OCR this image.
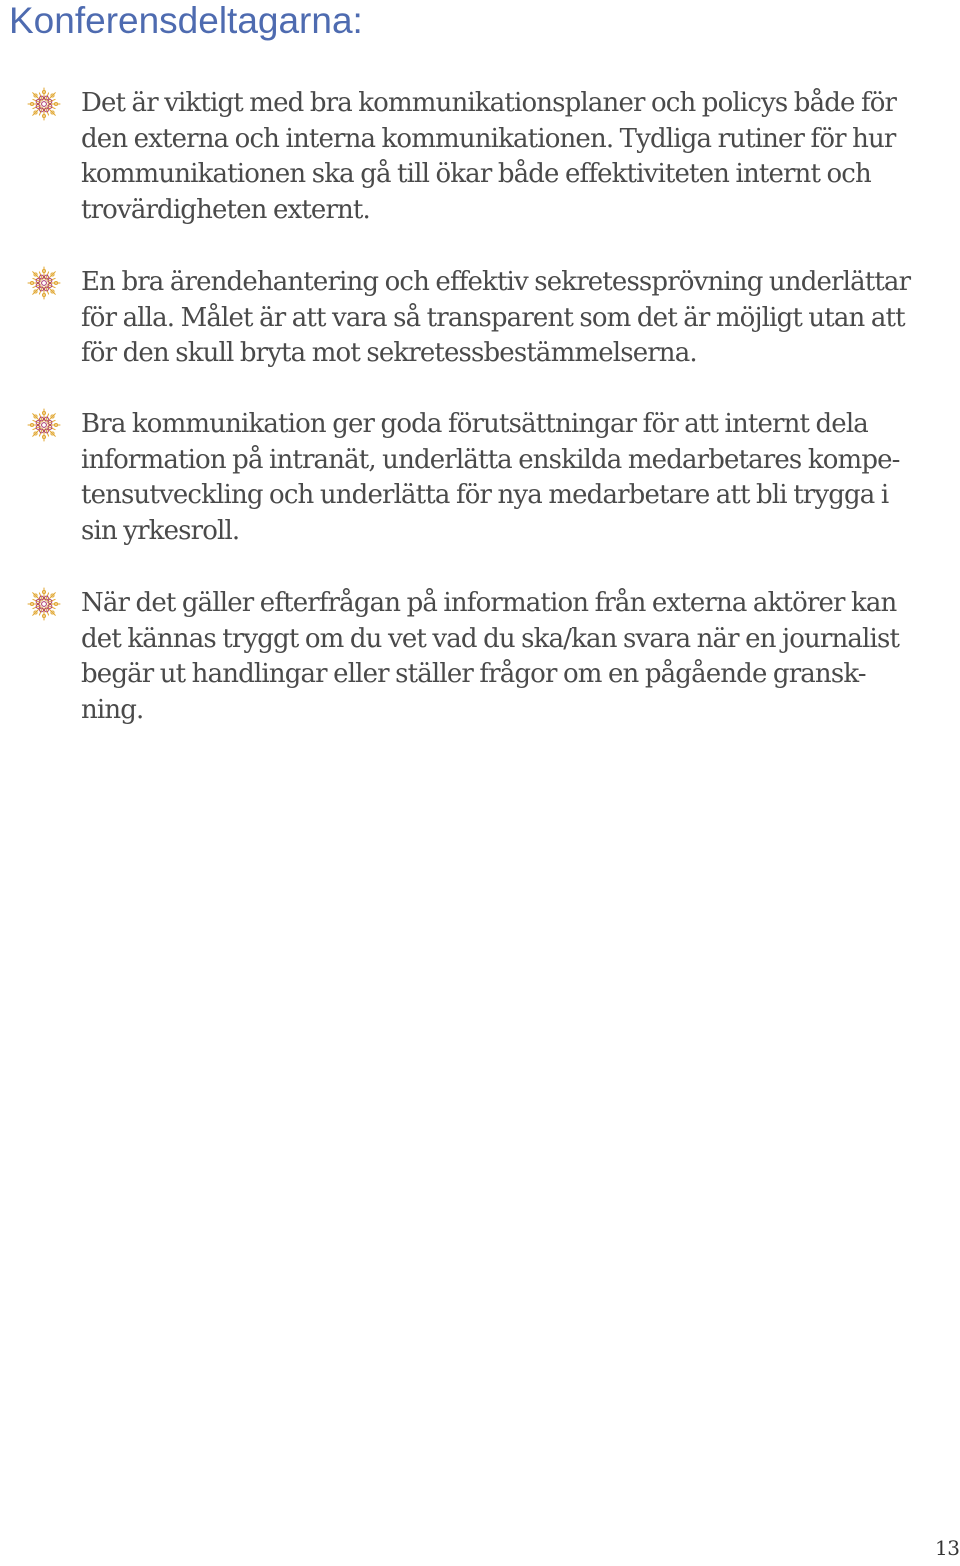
Konferensdeltagarna:

Det är viktigt med bra kommunikationsplaner och policys både för
den externa och interna kommunikationen. Tydliga rutiner för hur
kommunikationen ska gå till ökar både effektiviteten internt och
trovärdigheten externt.

En bra ärendehantering och effektiv sekretessprövning underlättar
för alla. Målet är att vara så transparent som det är möjligt utan att
för den skull bryta mot sekretessbestämmelserna.

Bra kommunikation ger goda förutsättningar för att internt dela
information på intranät, underlätta enskilda medarbetares kompe-
tensutveckling och underlätta för nya medarbetare att bli trygga i
sin yrkesroll.

När det gäller efterfrågan på information från externa aktörer kan
det kännas tryggt om du vet vad du ska/kan svara när en journalist
begär ut handlingar eller ställer frågor om en pågående gransk-
ning.

13
